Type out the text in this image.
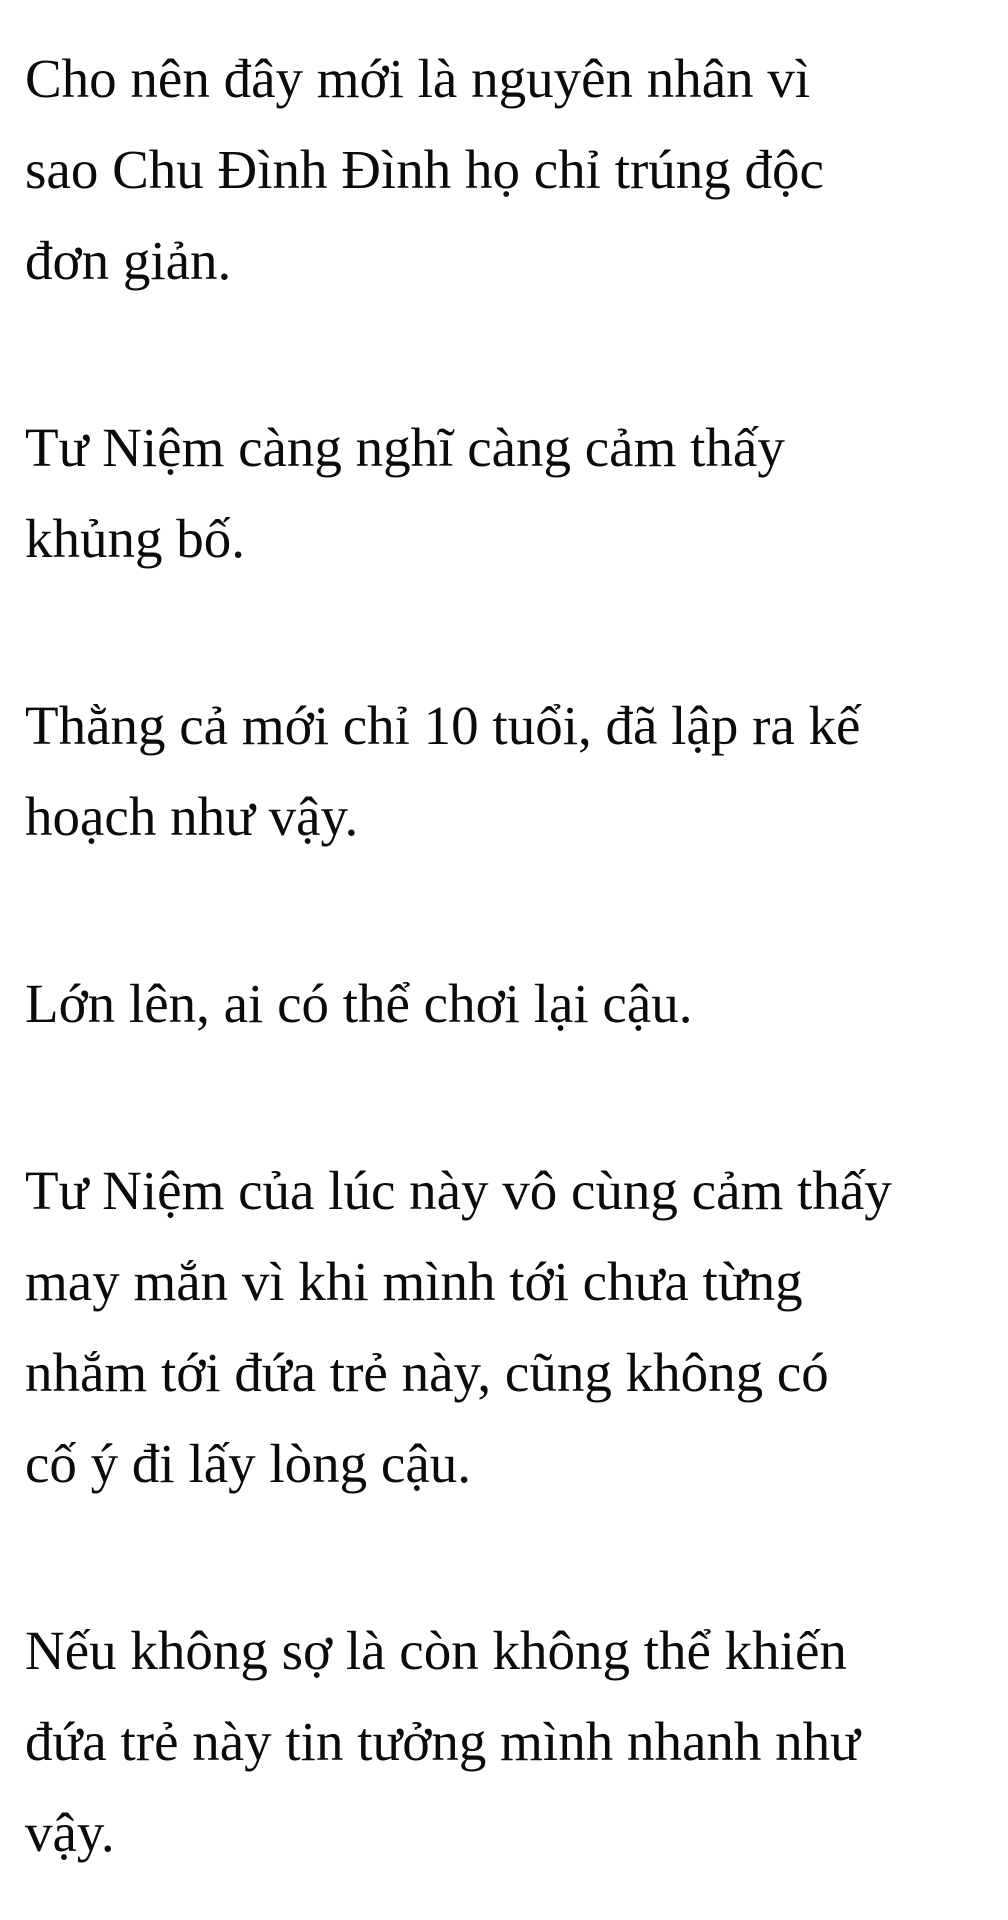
Cho nên đây mới là nguyên nhân vì
sao Chu Đình Đình họ chỉ trúng độc
đơn giản.

Tư Niệm càng nghĩ càng cảm thấy
khủng bố.

Thằng cả mới chỉ 10 tuổi, đã lập ra kế
hoạch như vậy.

Lớn lên, ai có thể chơi lại cậu.

Tư Niệm của lúc này vô cùng cảm thấy
may mắn vì khi mình tới chưa từng
nhắm tới đứa trẻ này, cũng không có
cố ý đi lấy lòng cậu.

Nếu không sợ là còn không thể khiến
đứa trẻ này tin tưởng mình nhanh như
vậy.
